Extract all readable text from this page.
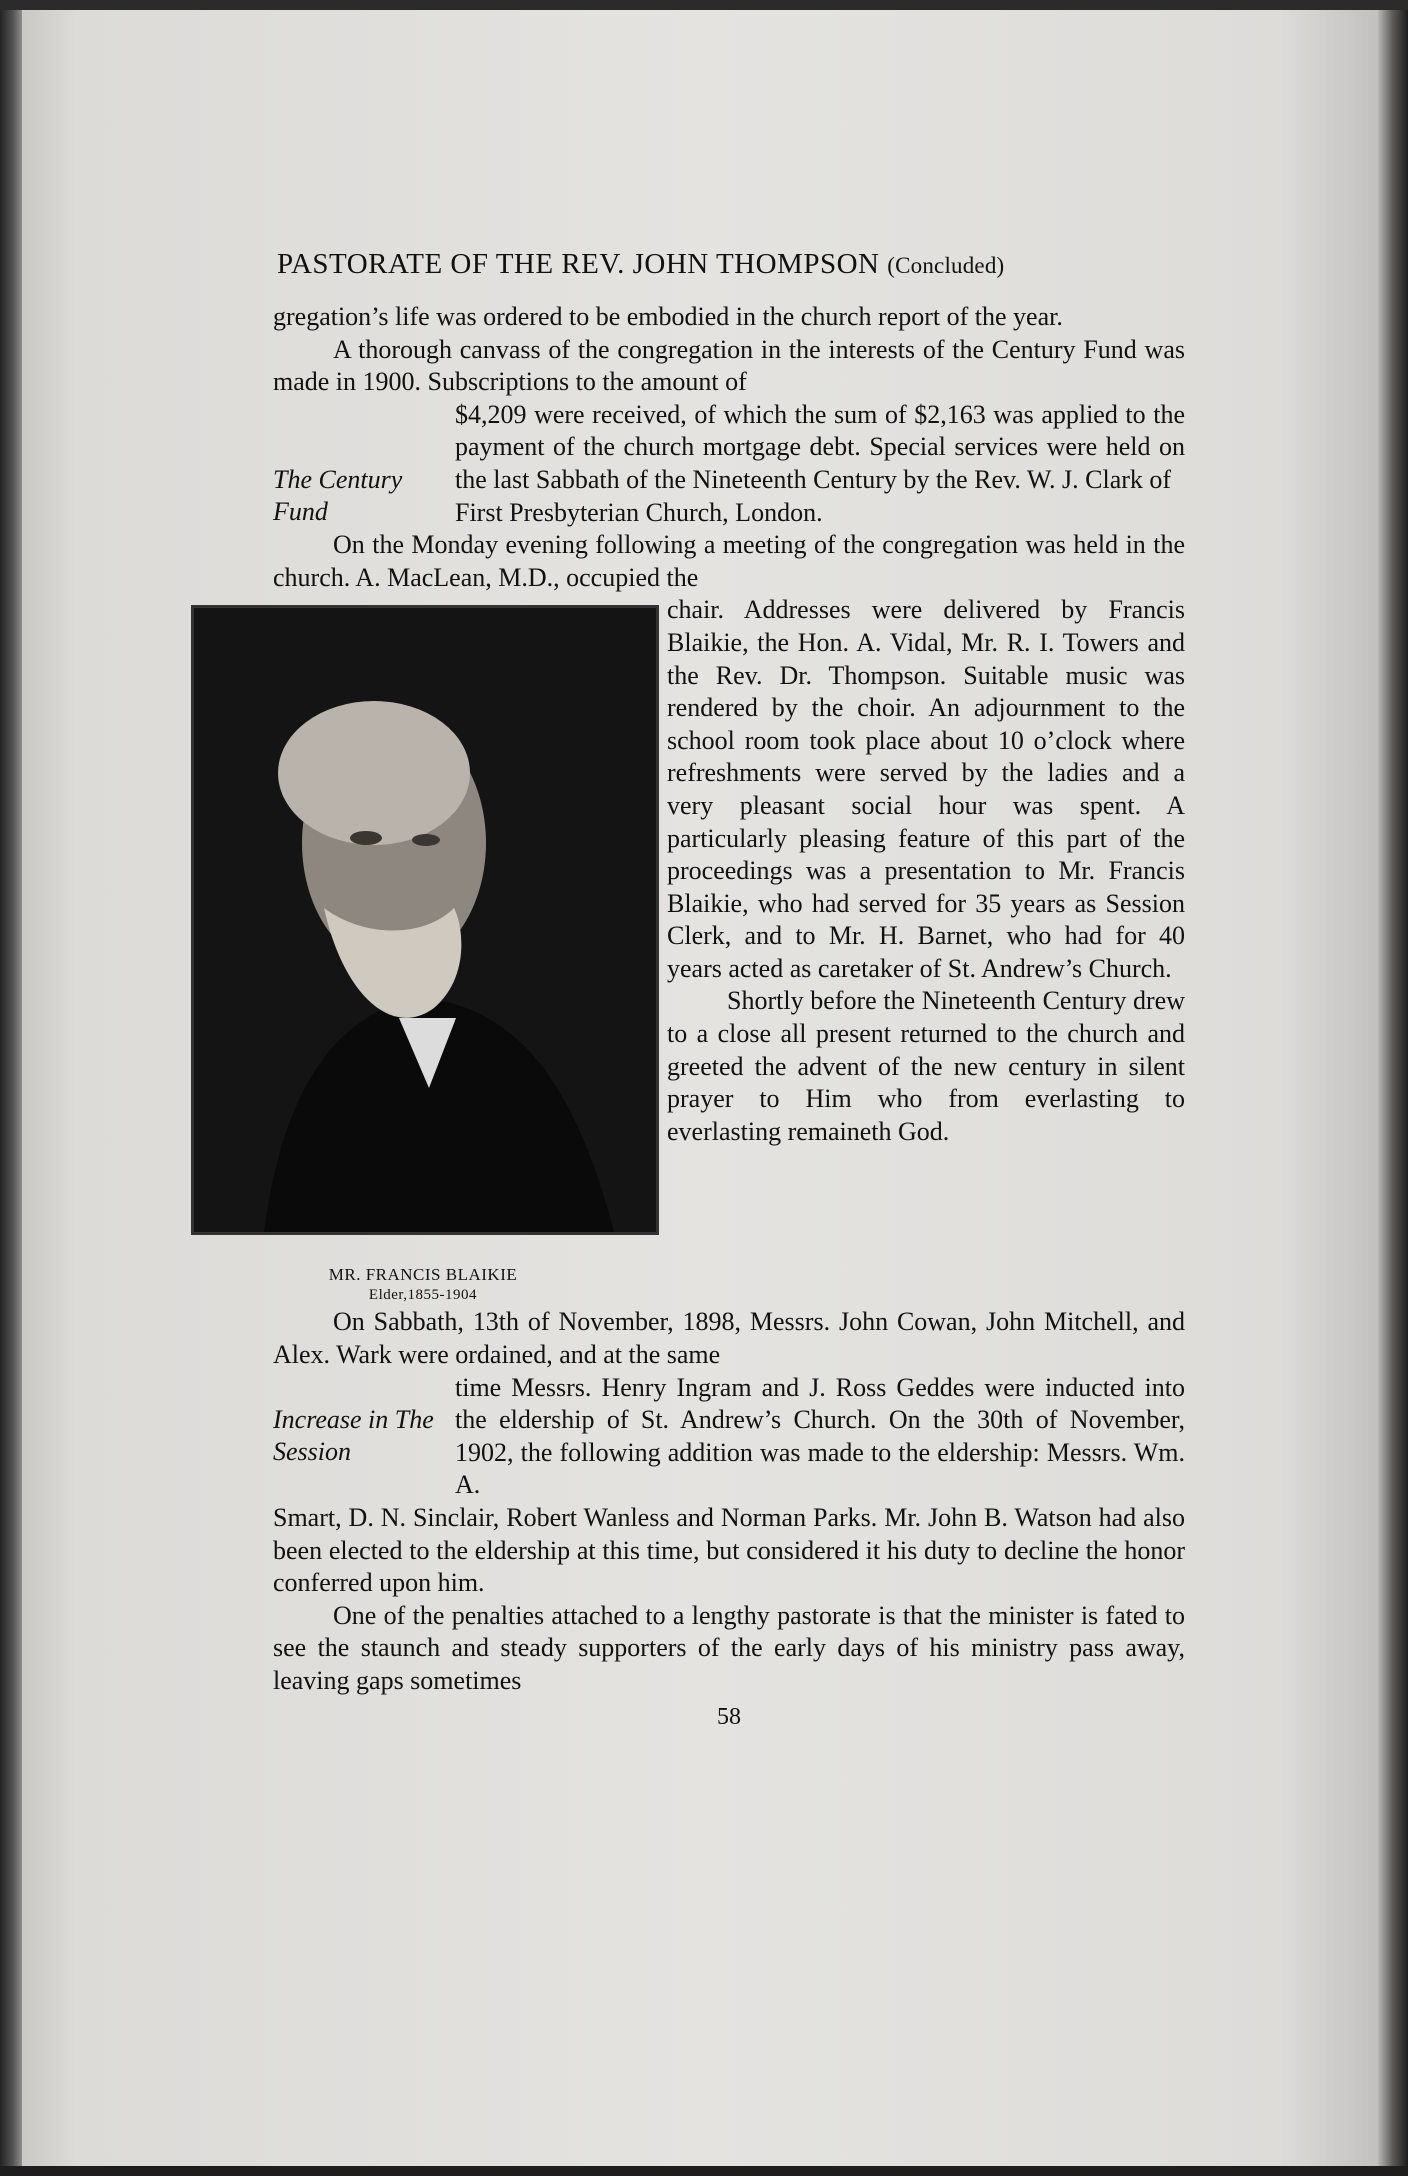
PASTORATE OF THE REV. JOHN THOMPSON (Concluded)

gregation’s life was ordered to be embodied in the church report of the year.

A thorough canvass of the congregation in the interests of the Century Fund was made in 1900. Subscriptions to the amount of

The Century Fund

$4,209 were received, of which the sum of $2,163 was applied to the payment of the church mortgage debt. Special services were held on the last Sabbath of the Nineteenth Century by the Rev. W. J. Clark of

First Presbyterian Church, London.

On the Monday evening following a meeting of the congregation was held in the church. A. MacLean, M.D., occupied the

MR. FRANCIS BLAIKIE
Elder,1855-1904

chair. Addresses were delivered by Francis Blaikie, the Hon. A. Vidal, Mr. R. I. Towers and the Rev. Dr. Thompson. Suitable music was rendered by the choir. An adjournment to the school room took place about 10 o’clock where refreshments were served by the ladies and a very pleasant social hour was spent. A particularly pleasing feature of this part of the proceedings was a presentation to Mr. Francis Blaikie, who had served for 35 years as Session Clerk, and to Mr. H. Barnet, who had for 40 years acted as caretaker of St. Andrew’s Church.

Shortly before the Nineteenth Century drew to a close all present returned to the church and greeted the advent of the new century in silent prayer to Him who from everlasting to everlasting remaineth God.

On Sabbath, 13th of November, 1898, Messrs. John Cowan, John Mitchell, and Alex. Wark were ordained, and at the same

Increase in The Session

time Messrs. Henry Ingram and J. Ross Geddes were inducted into the eldership of St. Andrew’s Church. On the 30th of November, 1902, the following addition was made to the eldership: Messrs. Wm. A.

Smart, D. N. Sinclair, Robert Wanless and Norman Parks. Mr. John B. Watson had also been elected to the eldership at this time, but considered it his duty to decline the honor conferred upon him.

One of the penalties attached to a lengthy pastorate is that the minister is fated to see the staunch and steady supporters of the early days of his ministry pass away, leaving gaps sometimes

58
